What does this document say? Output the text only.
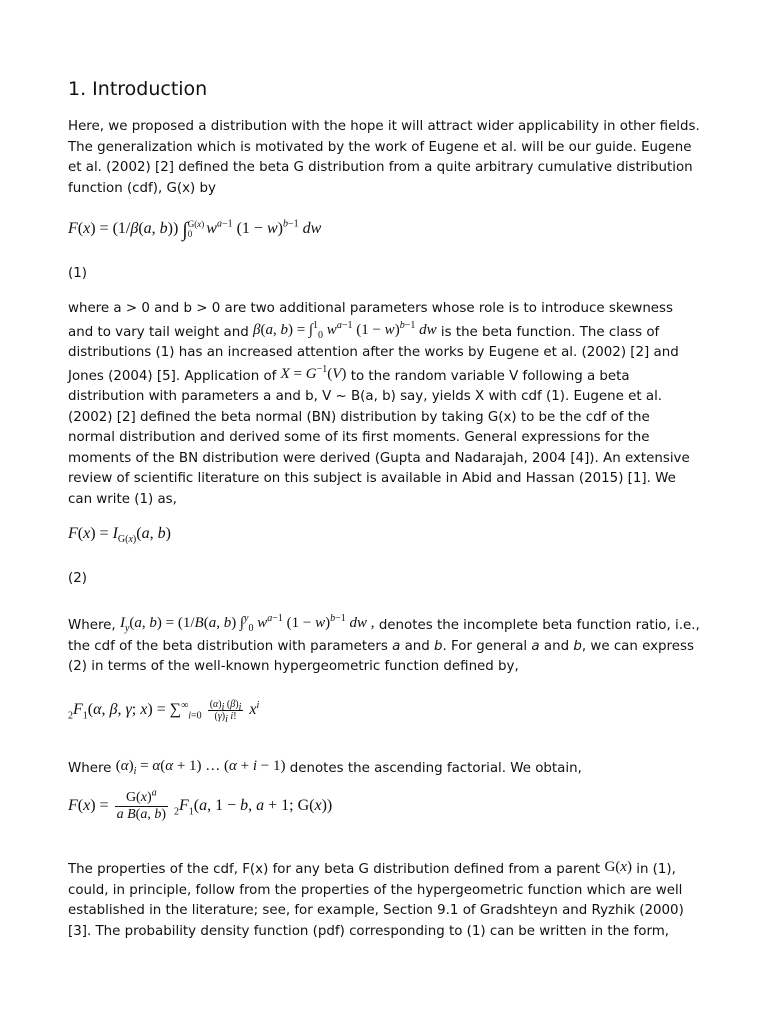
1. Introduction

Here, we proposed a distribution with the hope it will attract wider applicability in other fields. The generalization which is motivated by the work of Eugene et al. will be our guide. Eugene et al. (2002) [2] defined the beta G distribution from a quite arbitrary cumulative distribution function (cdf), G(x) by

F(x) = (1/β(a, b)) ∫G(x)
0 $w^{a-1}$ $(1 - w)^{b-1}$ dw
(1)

where a > 0 and b > 0 are two additional parameters whose role is to introduce skewness and to vary tail weight and β(a, b) = ∫$^1_0$ $w^{a-1}$ $(1 - w)^{b-1}$ dw is the beta function. The class of distributions (1) has an increased attention after the works by Eugene et al. (2002) [2] and Jones (2004) [5]. Application of $X = G^{-1}(V)$ to the random variable V following a beta distribution with parameters a and b, V ~ B(a, b) say, yields X with cdf (1). Eugene et al. (2002) [2] defined the beta normal (BN) distribution by taking G(x) to be the cdf of the normal distribution and derived some of its first moments. General expressions for the moments of the BN distribution were derived (Gupta and Nadarajah, 2004 [4]). An extensive review of scientific literature on this subject is available in Abid and Hassan (2015) [1]. We can write (1) as,

$F(x) = I_{G(x)}(a$, b)
(2)

Where, $I_y(a$, b) = (1/B(a, b) ∫$^y_0$ $w^{a-1}$ $(1 - w)^{b-1}$ dw , denotes the incomplete beta function ratio, i.e., the cdf of the beta distribution with parameters a and b. For general a and b, we can express (2) in terms of the well-known hypergeometric function defined by,

$_2F_1(\alpha$, β, γ; $x) = \sum^\infty_{i=0} \frac{(\alpha)_i (\beta)_i}{(\gamma)_i i!} x^i$

Where $(\alpha)_i = \alpha(\alpha + 1)$ … (α + i − 1) denotes the ascending factorial. We obtain,

$F(x) = \frac{G(x)^a}{\text{a B(a, b)}} _2F_1(a$, 1 − b, a + 1; G(x))

The properties of the cdf, F(x) for any beta G distribution defined from a parent G(x) in (1), could, in principle, follow from the properties of the hypergeometric function which are well established in the literature; see, for example, Section 9.1 of Gradshteyn and Ryzhik (2000) [3]. The probability density function (pdf) corresponding to (1) can be written in the form,
